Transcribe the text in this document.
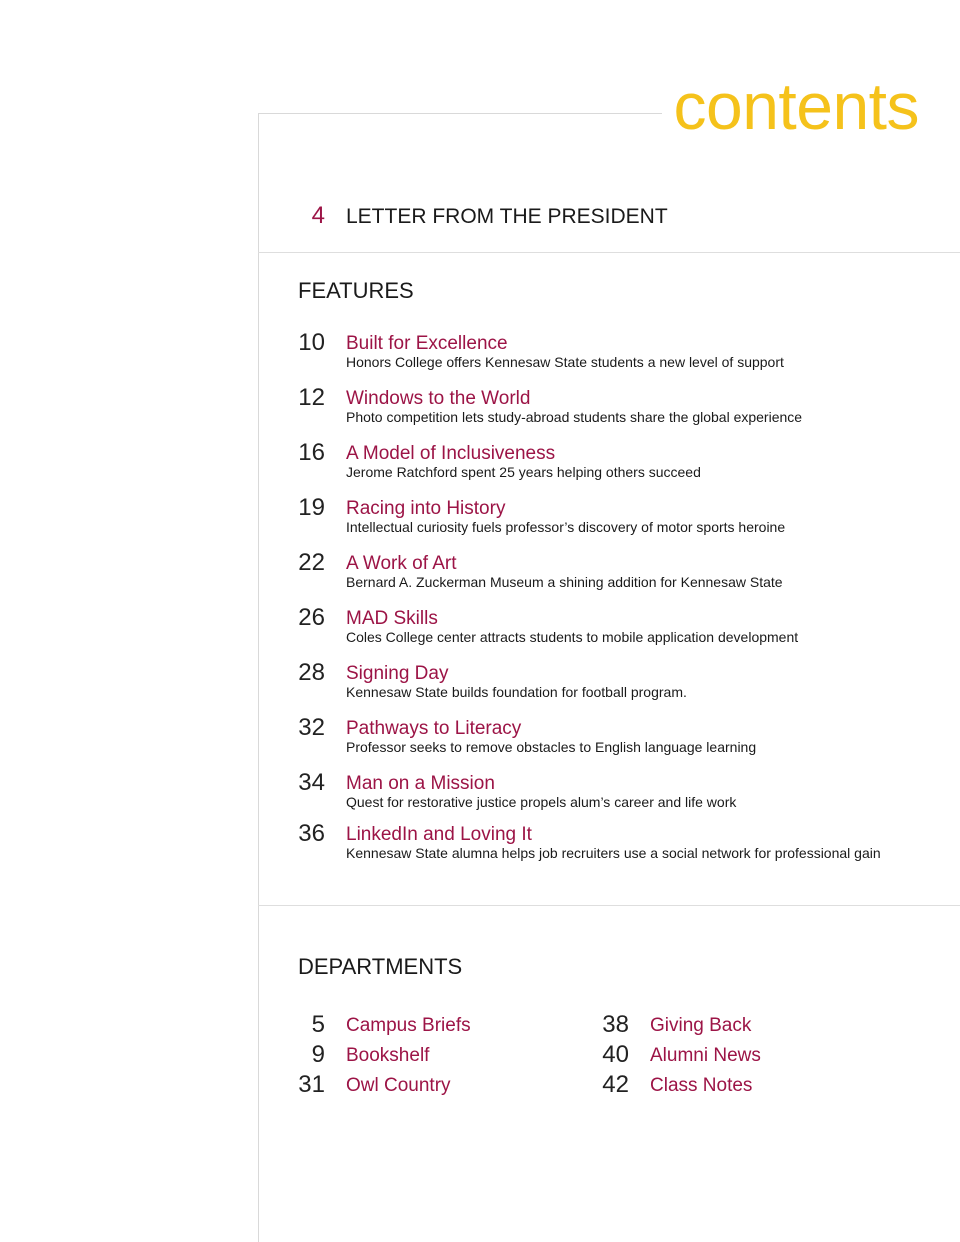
contents
4 LETTER FROM THE PRESIDENT
FEATURES
10 Built for Excellence
Honors College offers Kennesaw State students a new level of support
12 Windows to the World
Photo competition lets study-abroad students share the global experience
16 A Model of Inclusiveness
Jerome Ratchford spent 25 years helping others succeed
19 Racing into History
Intellectual curiosity fuels professor’s discovery of motor sports heroine
22 A Work of Art
Bernard A. Zuckerman Museum a shining addition for Kennesaw State
26 MAD Skills
Coles College center attracts students to mobile application development
28 Signing Day
Kennesaw State builds foundation for football program.
32 Pathways to Literacy
Professor seeks to remove obstacles to English language learning
34 Man on a Mission
Quest for restorative justice propels alum’s career and life work
36 LinkedIn and Loving It
Kennesaw State alumna helps job recruiters use a social network for professional gain
DEPARTMENTS
5 Campus Briefs
9 Bookshelf
31 Owl Country
38 Giving Back
40 Alumni News
42 Class Notes
